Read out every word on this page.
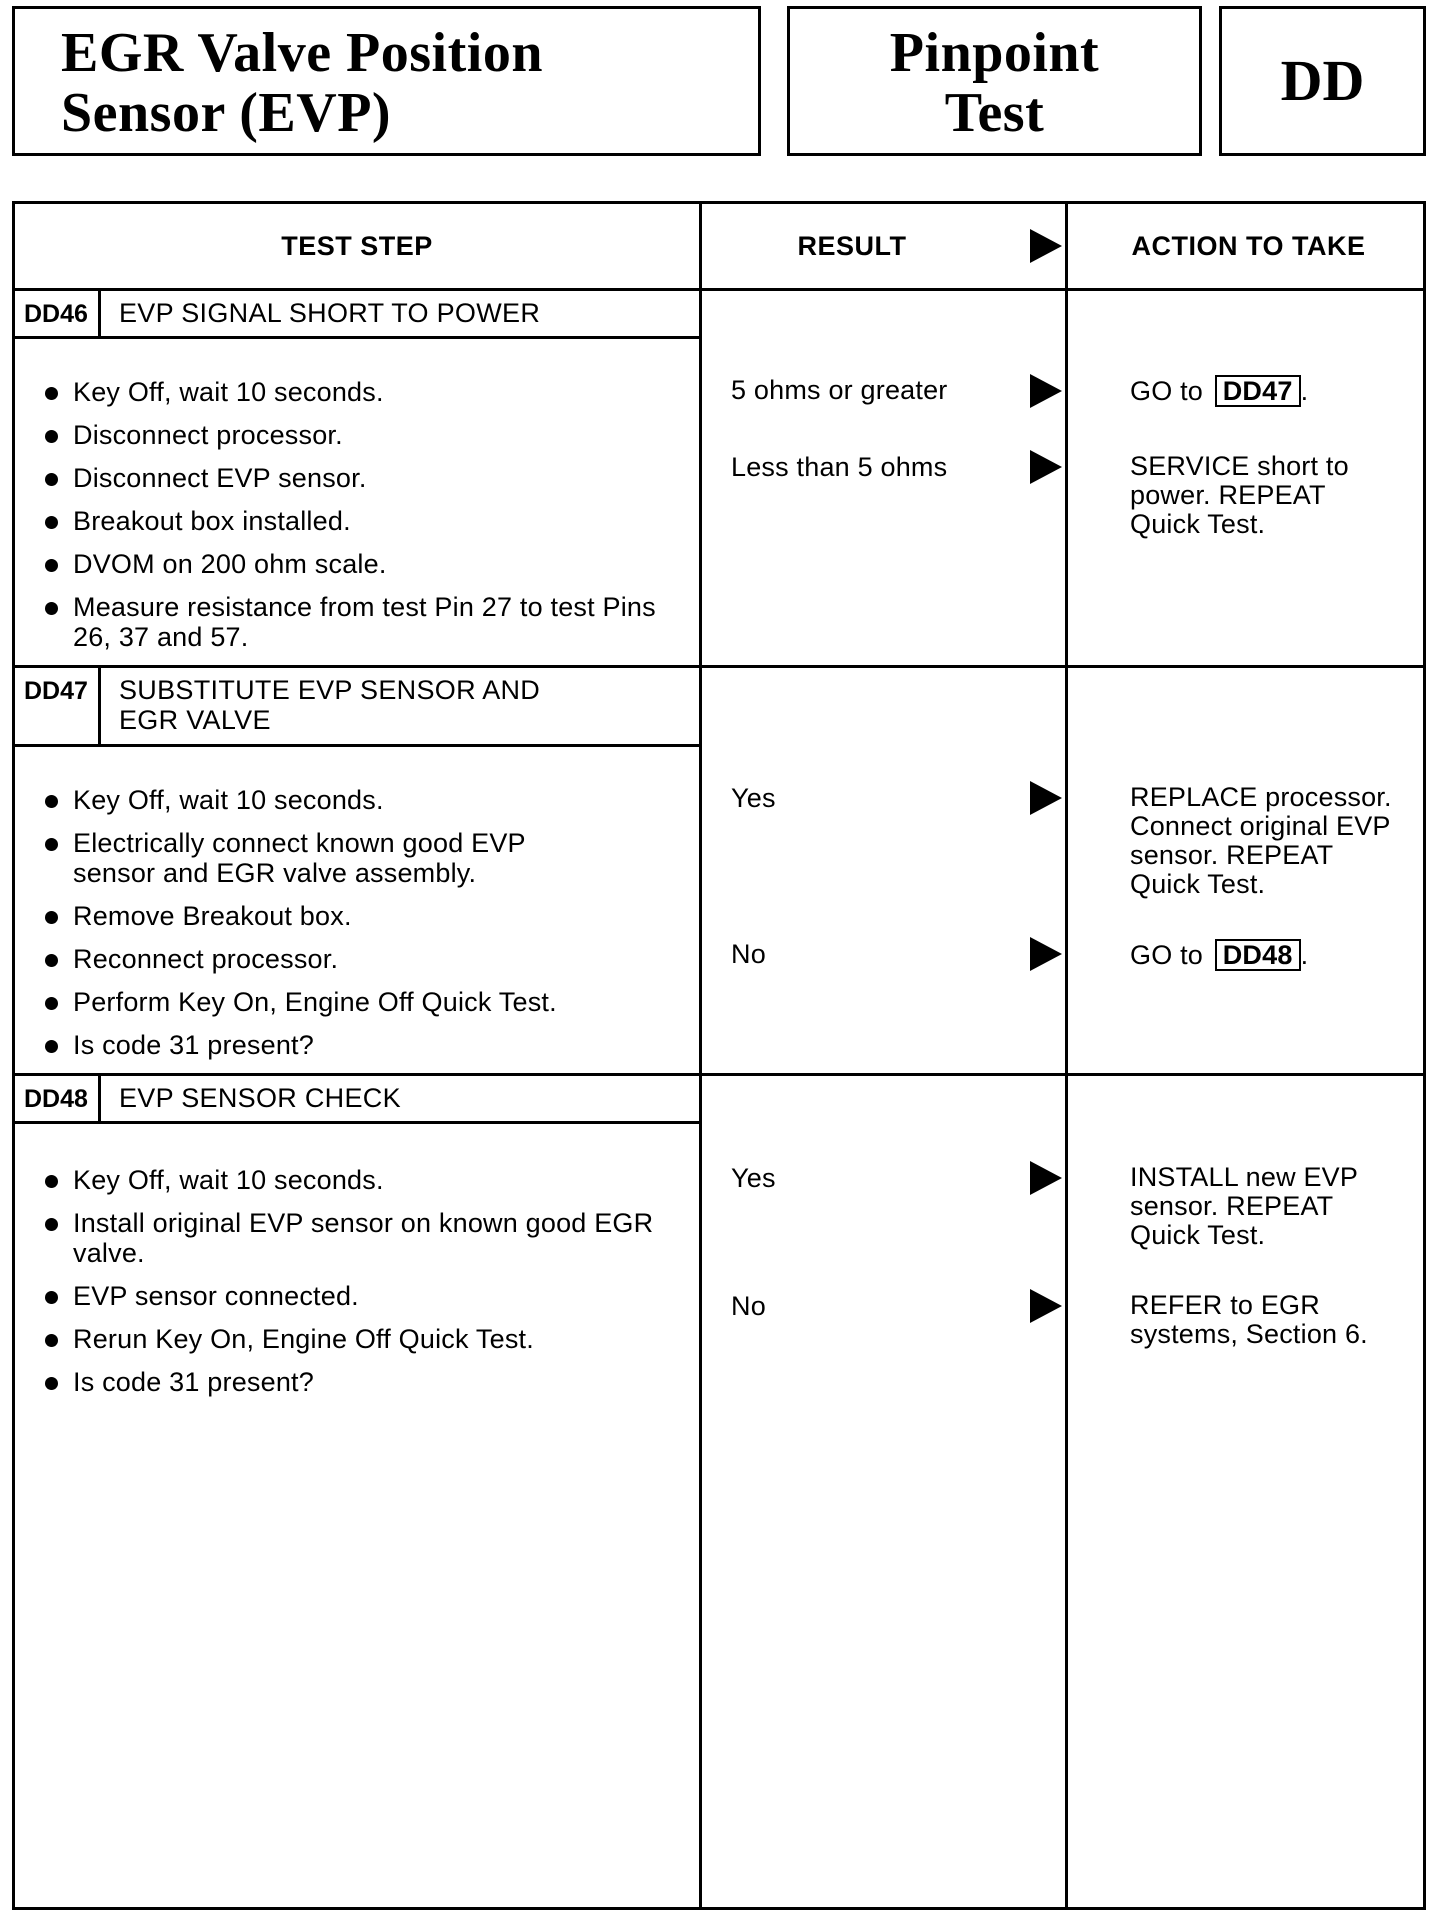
EGR Valve Position
Sensor (EVP)
Pinpoint
Test	DD
TEST STEP	RESULT	ACTION TO TAKE
DD46 EVP SIGNAL SHORT TO POWER
Key Off, wait 10 seconds.
Disconnect processor.
Disconnect EVP sensor.
Breakout box installed.
DVOM on 200 ohm scale.
Measure resistance from test Pin 27 to test Pins 26, 37 and 57.
5 ohms or greater	GO to DD47 .
Less than 5 ohms	SERVICE short to
power. REPEAT
Quick Test.
DD47 SUBSTITUTE EVP SENSOR AND
EGR VALVE
Key Off, wait 10 seconds.
Electrically connect known good EVP sensor and EGR valve assembly.
Remove Breakout box.
Reconnect processor.
Perform Key On, Engine Off Quick Test.
Is code 31 present?
Yes	REPLACE processor.
Connect original EVP
sensor. REPEAT
Quick Test.
No	GO to DD48 .
DD48 EVP SENSOR CHECK
Key Off, wait 10 seconds.
Install original EVP sensor on known good EGR valve.
EVP sensor connected.
Rerun Key On, Engine Off Quick Test.
Is code 31 present?
Yes	INSTALL new EVP
sensor. REPEAT
Quick Test.
No	REFER to EGR
systems, Section 6.
